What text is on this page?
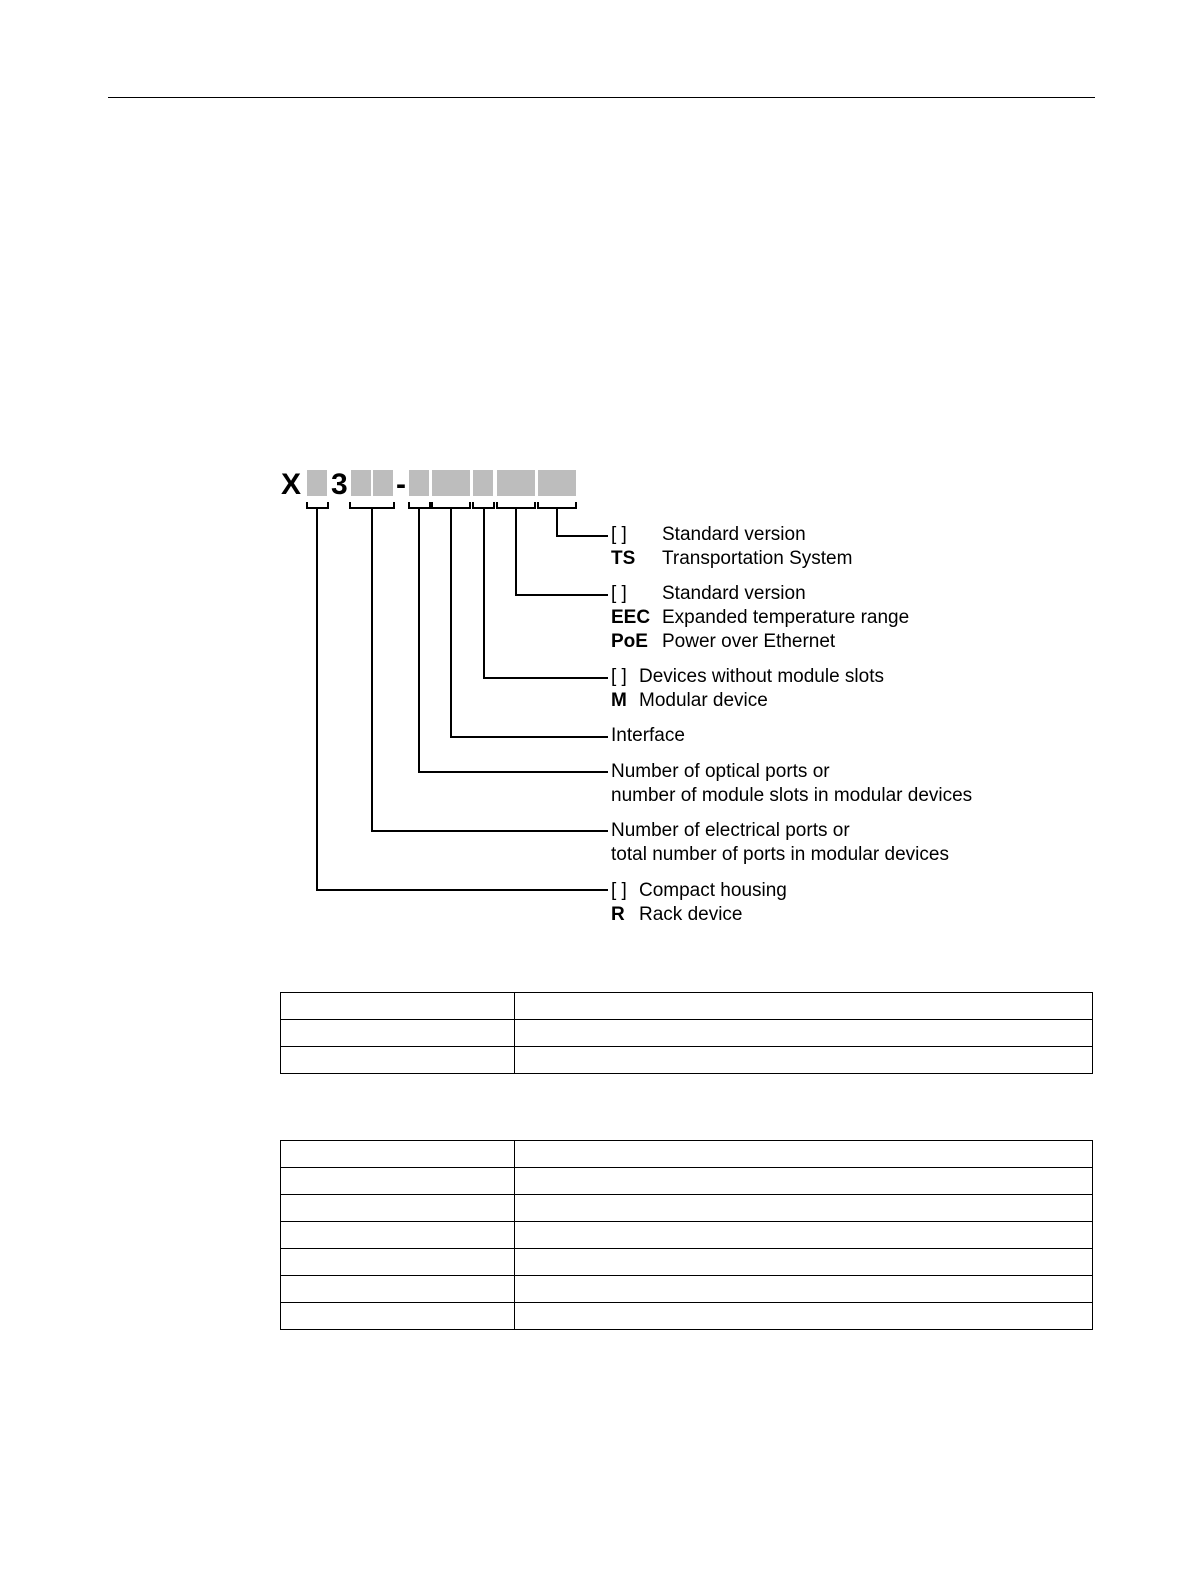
X 3 -
[ ] Standard version
TS Transportation System
[ ] Standard version
EEC Expanded temperature range
PoE Power over Ethernet
[ ] Devices without module slots
M Modular device
Interface
Number of optical ports or
number of module slots in modular devices
Number of electrical ports or
total number of ports in modular devices
[ ] Compact housing
R Rack device
